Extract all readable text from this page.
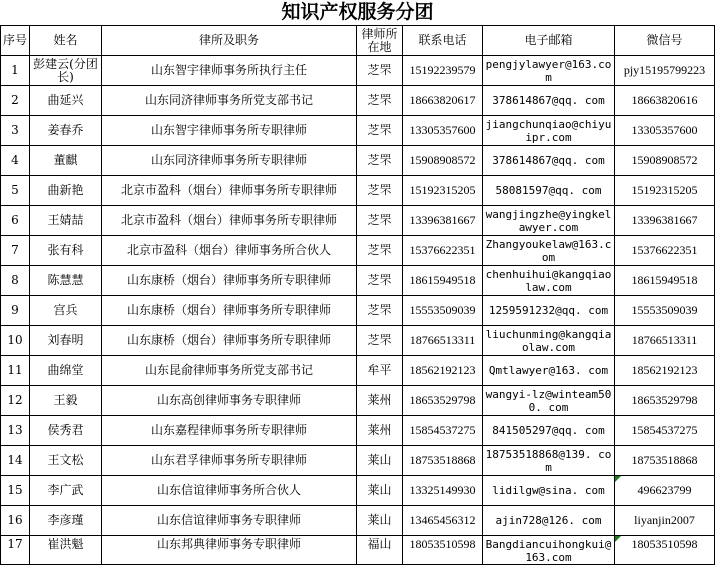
知识产权服务分团
序号	姓名	律所及职务	律师所在地	联系电话	电子邮箱	微信号
1	彭建云(分团长)	山东智宇律师事务所执行主任	芝罘	15192239579	pengjylawyer@163.com	pjy15195799223
2	曲延兴	山东同济律师事务所党支部书记	芝罘	18663820617	378614867@qq. com	18663820616
3	姜春乔	山东智宇律师事务所专职律师	芝罘	13305357600	jiangchunqiao@chiyuipr.com	13305357600
4	董麒	山东同济律师事务所专职律师	芝罘	15908908572	378614867@qq. com	15908908572
5	曲新艳	北京市盈科（烟台）律师事务所专职律师	芝罘	15192315205	58081597@qq. com	15192315205
6	王婧喆	北京市盈科（烟台）律师事务所专职律师	芝罘	13396381667	wangjingzhe@yingkelawyer.com	13396381667
7	张有科	北京市盈科（烟台）律师事务所合伙人	芝罘	15376622351	Zhangyoukelaw@163.com	15376622351
8	陈慧慧	山东康桥（烟台）律师事务所专职律师	芝罘	18615949518	chenhuihui@kangqiaolaw.com	18615949518
9	宫兵	山东康桥（烟台）律师事务所专职律师	芝罘	15553509039	1259591232@qq. com	15553509039
10	刘春明	山东康桥（烟台）律师事务所专职律师	芝罘	18766513311	liuchunming@kangqiaolaw.com	18766513311
11	曲绵堂	山东昆俞律师事务所党支部书记	牟平	18562192123	Qmtlawyer@163. com	18562192123
12	王毅	山东高创律师事务专职律师	莱州	18653529798	wangyi-lz@winteam500. com	18653529798
13	侯秀君	山东嘉程律师事务所专职律师	莱州	15854537275	841505297@qq. com	15854537275
14	王文松	山东君孚律师事务所专职律师	莱山	18753518868	18753518868@139. com	18753518868
15	李广武	山东信谊律师事务所合伙人	莱山	13325149930	lidilgw@sina. com	496623799
16	李彦瑾	山东信谊律师事务专职律师	莱山	13465456312	ajin728@126. com	liyanjin2007
17	崔洪魁	山东邦典律师事务专职律师	福山	18053510598	Bangdiancuihongkui@163.com	18053510598
